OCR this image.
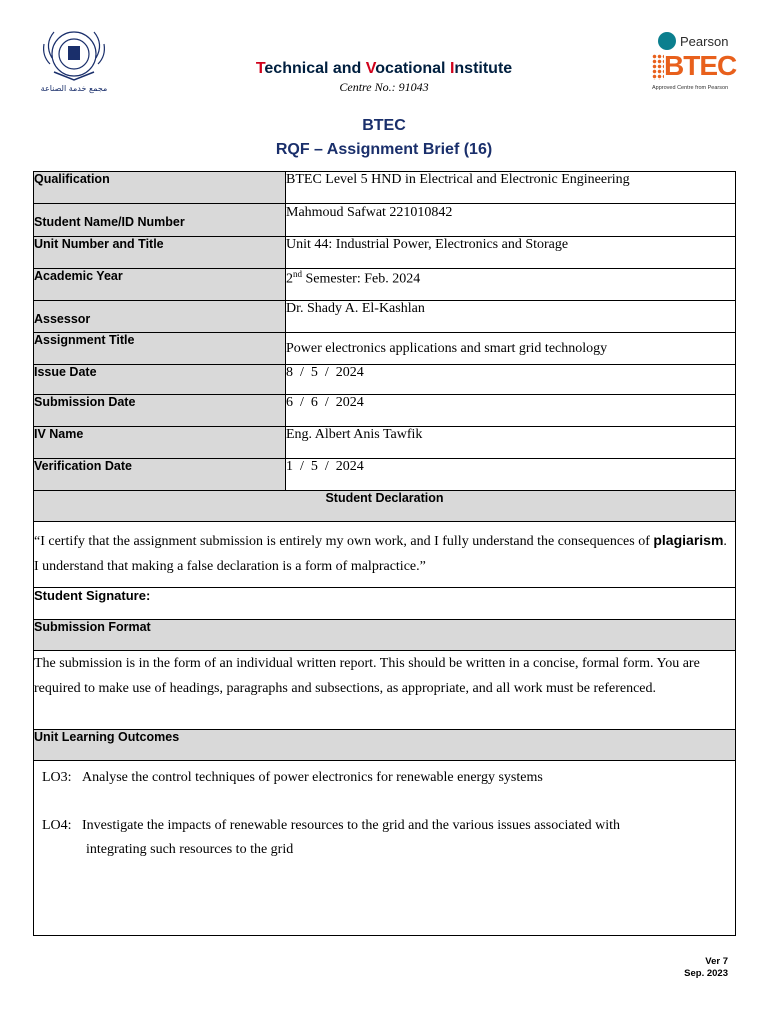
مجمع خدمة الصناعة
Pearson
BTEC
Approved Centre from Pearson
Technical and Vocational Institute
Centre No.: 91043
BTEC
RQF – Assignment Brief (16)
Qualification	BTEC Level 5 HND in Electrical and Electronic Engineering
Student Name/ID Number	Mahmoud Safwat 221010842
Unit Number and Title	Unit 44: Industrial Power, Electronics and Storage
Academic Year	2nd Semester: Feb. 2024
Assessor	Dr. Shady A. El-Kashlan
Assignment Title	Power electronics applications and smart grid technology
Issue Date	8  /  5  /  2024
Submission Date	6  /  6  /  2024
IV Name	Eng. Albert Anis Tawfik
Verification Date	1  /  5  /  2024
Student Declaration	
“I certify that the assignment submission is entirely my own work, and I fully understand the consequences of plagiarism. I understand that making a false declaration is a form of malpractice.”	
Student Signature:	
Submission Format	
The submission is in the form of an individual written report. This should be written in a concise, formal form. You are required to make use of headings, paragraphs and subsections, as appropriate, and all work must be referenced.	
Unit Learning Outcomes	

LO3: Analyse the control techniques of power electronics for renewable energy systems
LO4: Investigate the impacts of renewable resources to the grid and the various issues associated with
integrating such resources to the grid	
Ver 7
Sep. 2023
